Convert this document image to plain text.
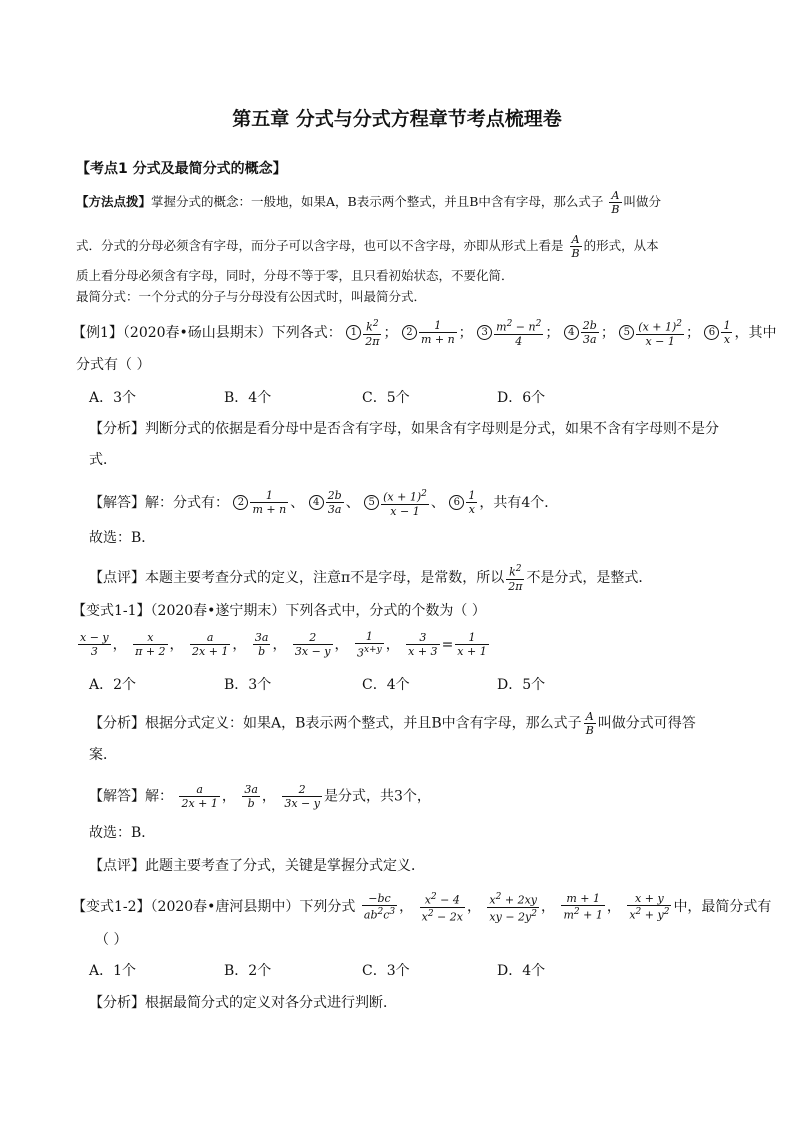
第五章 分式与分式方程章节考点梳理卷
【考点1 分式及最简分式的概念】
【方法点拨】掌握分式的概念：一般地，如果A，B表示两个整式，并且B中含有字母，那么式子 $\frac{A}{B}$ 叫做分
式．分式的分母必须含有字母，而分子可以含字母，也可以不含字母，亦即从形式上看是 $\frac{A}{B}$ 的形式，从本
质上看分母必须含有字母，同时，分母不等于零，且只看初始状态，不要化简．
最简分式：一个分式的分子与分母没有公因式时，叫最简分式．
【例1】（2020春•砀山县期末）下列各式： $1 \frac{k^2}{2\pi}$ ； $2 \frac{1}{m + n}$ ； $3 \frac{m^2 - n^2}{4}$ ； $4 \frac{2b}{3a}$ ； $5 \frac{(x + 1)^2}{x - 1}$ ； $6 \frac{1}{x}$ ，其中
分式有（ ）
A．3个	B．4个	C．5个	D．6个
【分析】判断分式的依据是看分母中是否含有字母，如果含有字母则是分式，如果不含有字母则不是分
式．
【解答】解：分式有： $2 \frac{1}{m + n}$ 、 $4 \frac{2b}{3a}$ 、 $5 \frac{(x + 1)^2}{x - 1}$ 、 $6 \frac{1}{x}$ ，共有4个．
故选：B．
【点评】本题主要考查分式的定义，注意π不是字母，是常数，所以 $\frac{k^2}{2\pi}$ 不是分式，是整式．
【变式1-1】（2020春•遂宁期末）下列各式中，分式的个数为（ ）
$\frac{x - y}{3}$ ， $\frac{x}{\pi + 2}$ ， $\frac{a}{2x + 1}$ ， $\frac{3a}{b}$ ， $\frac{2}{3x - y}$ ， $\frac{1}{3^{x+y}}$ ， $\frac{3}{x + 3} = \frac{1}{x + 1}$
A．2个	B．3个	C．4个	D．5个
【分析】根据分式定义：如果A，B表示两个整式，并且B中含有字母，那么式子 $\frac{A}{B}$ 叫做分式可得答
案．
【解答】解： $\frac{a}{2x + 1}$ ， $\frac{3a}{b}$ ， $\frac{2}{3x - y}$ 是分式，共3个，
故选：B．
【点评】此题主要考查了分式，关键是掌握分式定义．
【变式1-2】（2020春•唐河县期中）下列分式 $\frac{-bc}{ab^2c^3}$ ， $\frac{x^2 - 4}{x^2 - 2x}$ ， $\frac{x^2 + 2xy}{xy - 2y^2}$ ， $\frac{m + 1}{m^2 + 1}$ ， $\frac{x + y}{x^2 + y^2}$ 中，最简分式有
（ ）
A．1个	B．2个	C．3个	D．4个
【分析】根据最简分式的定义对各分式进行判断．
